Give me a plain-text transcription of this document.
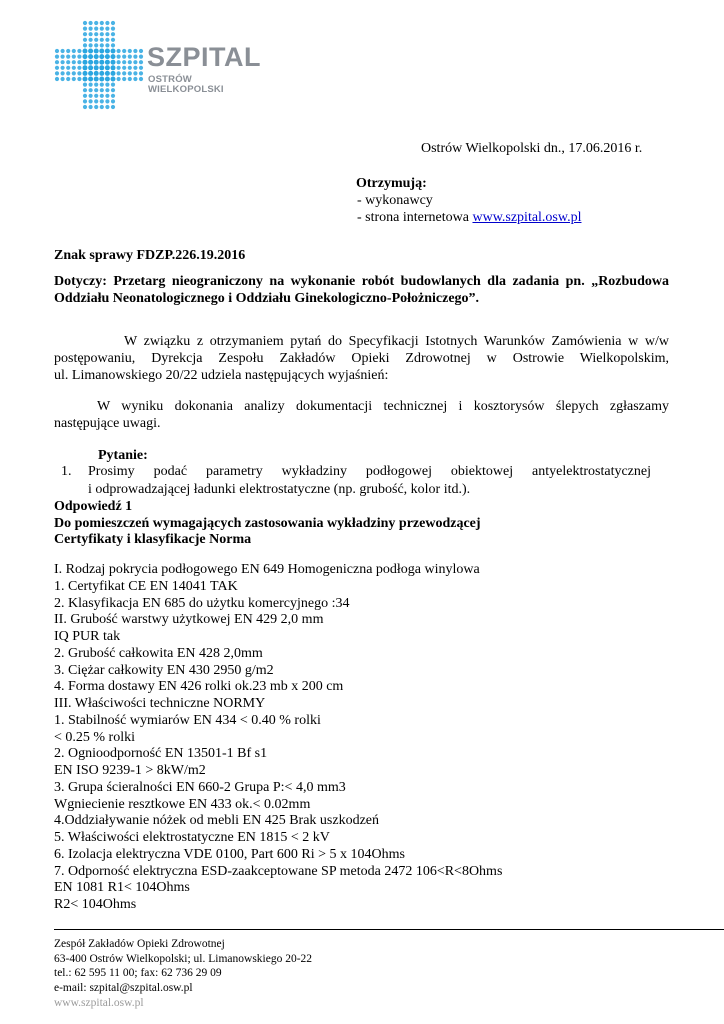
SZPITAL
OSTRÓW WIELKOPOLSKI
Ostrów Wielkopolski dn., 17.06.2016 r.
Otrzymują:
- wykonawcy
- strona internetowa www.szpital.osw.pl
Znak sprawy FDZP.226.19.2016
Dotyczy: Przetarg nieograniczony na wykonanie robót budowlanych dla zadania pn. „Rozbudowa Oddziału Neonatologicznego i Oddziału Ginekologiczno-Położniczego”.
W związku z otrzymaniem pytań do Specyfikacji Istotnych Warunków Zamówienia w w/w
postępowaniu, Dyrekcja Zespołu Zakładów Opieki Zdrowotnej w Ostrowie Wielkopolskim,
ul. Limanowskiego 20/22 udziela następujących wyjaśnień:
W wyniku dokonania analizy dokumentacji technicznej i kosztorysów ślepych zgłaszamy
następujące uwagi.
Pytanie:
1. Prosimy podać parametry wykładziny podłogowej obiektowej antyelektrostatycznej
i odprowadzającej ładunki elektrostatyczne (np. grubość, kolor itd.).
Odpowiedź 1
Do pomieszczeń wymagających zastosowania wykładziny przewodzącej
Certyfikaty i klasyfikacje Norma
I. Rodzaj pokrycia podłogowego EN 649 Homogeniczna podłoga winylowa
1. Certyfikat CE EN 14041 TAK
2. Klasyfikacja EN 685 do użytku komercyjnego :34
II. Grubość warstwy użytkowej EN 429 2,0 mm
IQ PUR tak
2. Grubość całkowita EN 428 2,0mm
3. Ciężar całkowity EN 430 2950 g/m2
4. Forma dostawy EN 426 rolki ok.23 mb x 200 cm
III. Właściwości techniczne NORMY
1. Stabilność wymiarów EN 434 < 0.40 % rolki
< 0.25 % rolki
2. Ognioodporność EN 13501-1 Bf s1
EN ISO 9239-1 > 8kW/m2
3. Grupa ścieralności EN 660-2 Grupa P:< 4,0 mm3
Wgniecienie resztkowe EN 433 ok.< 0.02mm
4.Oddziaływanie nóżek od mebli EN 425 Brak uszkodzeń
5. Właściwości elektrostatyczne EN 1815 < 2 kV
6. Izolacja elektryczna VDE 0100, Part 600 Ri > 5 x 104Ohms
7. Odporność elektryczna ESD-zaakceptowane SP metoda 2472 106<R<8Ohms
EN 1081 R1< 104Ohms
R2< 104Ohms
Zespół Zakładów Opieki Zdrowotnej
63-400 Ostrów Wielkopolski; ul. Limanowskiego 20-22
tel.: 62 595 11 00; fax: 62 736 29 09
e-mail: szpital@szpital.osw.pl
www.szpital.osw.pl
